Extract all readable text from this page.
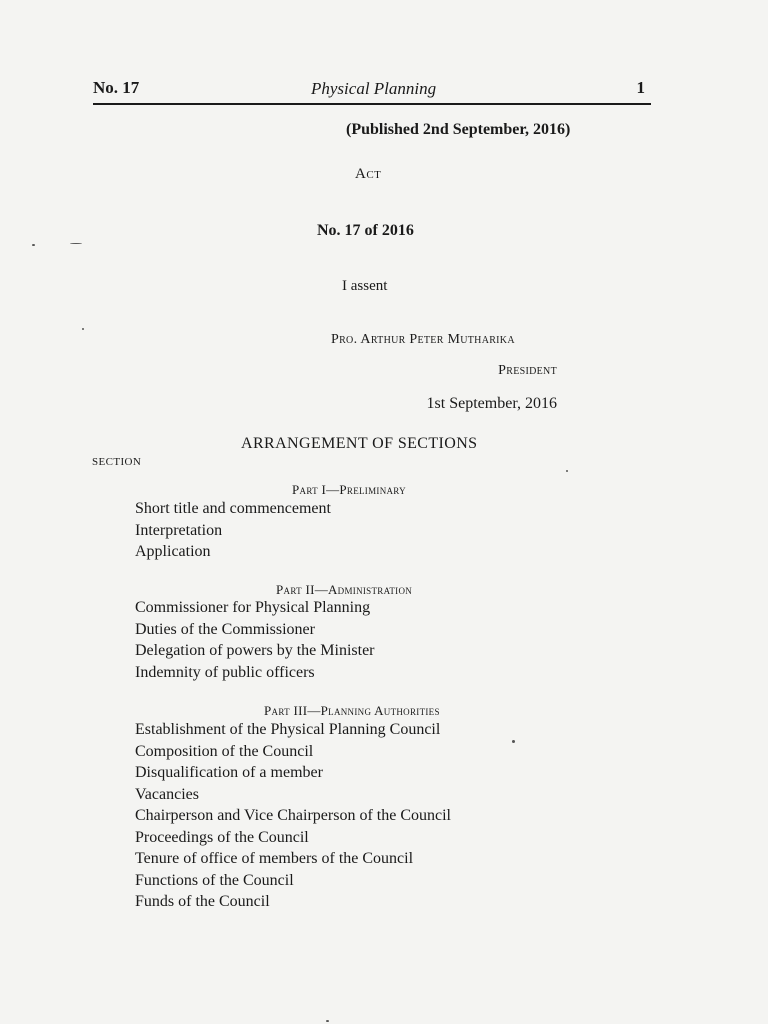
No. 17	Physical Planning	1
(Published 2nd September, 2016)
Act
No. 17 of 2016
I assent
Pro. Arthur Peter Mutharika
President
1st September, 2016
ARRANGEMENT OF SECTIONS
SECTION
Part I—Preliminary
Short title and commencement
Interpretation
Application
Part II—Administration
Commissioner for Physical Planning
Duties of the Commissioner
Delegation of powers by the Minister
Indemnity of public officers
Part III—Planning Authorities
Establishment of the Physical Planning Council
Composition of the Council
Disqualification of a member
Vacancies
Chairperson and Vice Chairperson of the Council
Proceedings of the Council
Tenure of office of members of the Council
Functions of the Council
Funds of the Council
